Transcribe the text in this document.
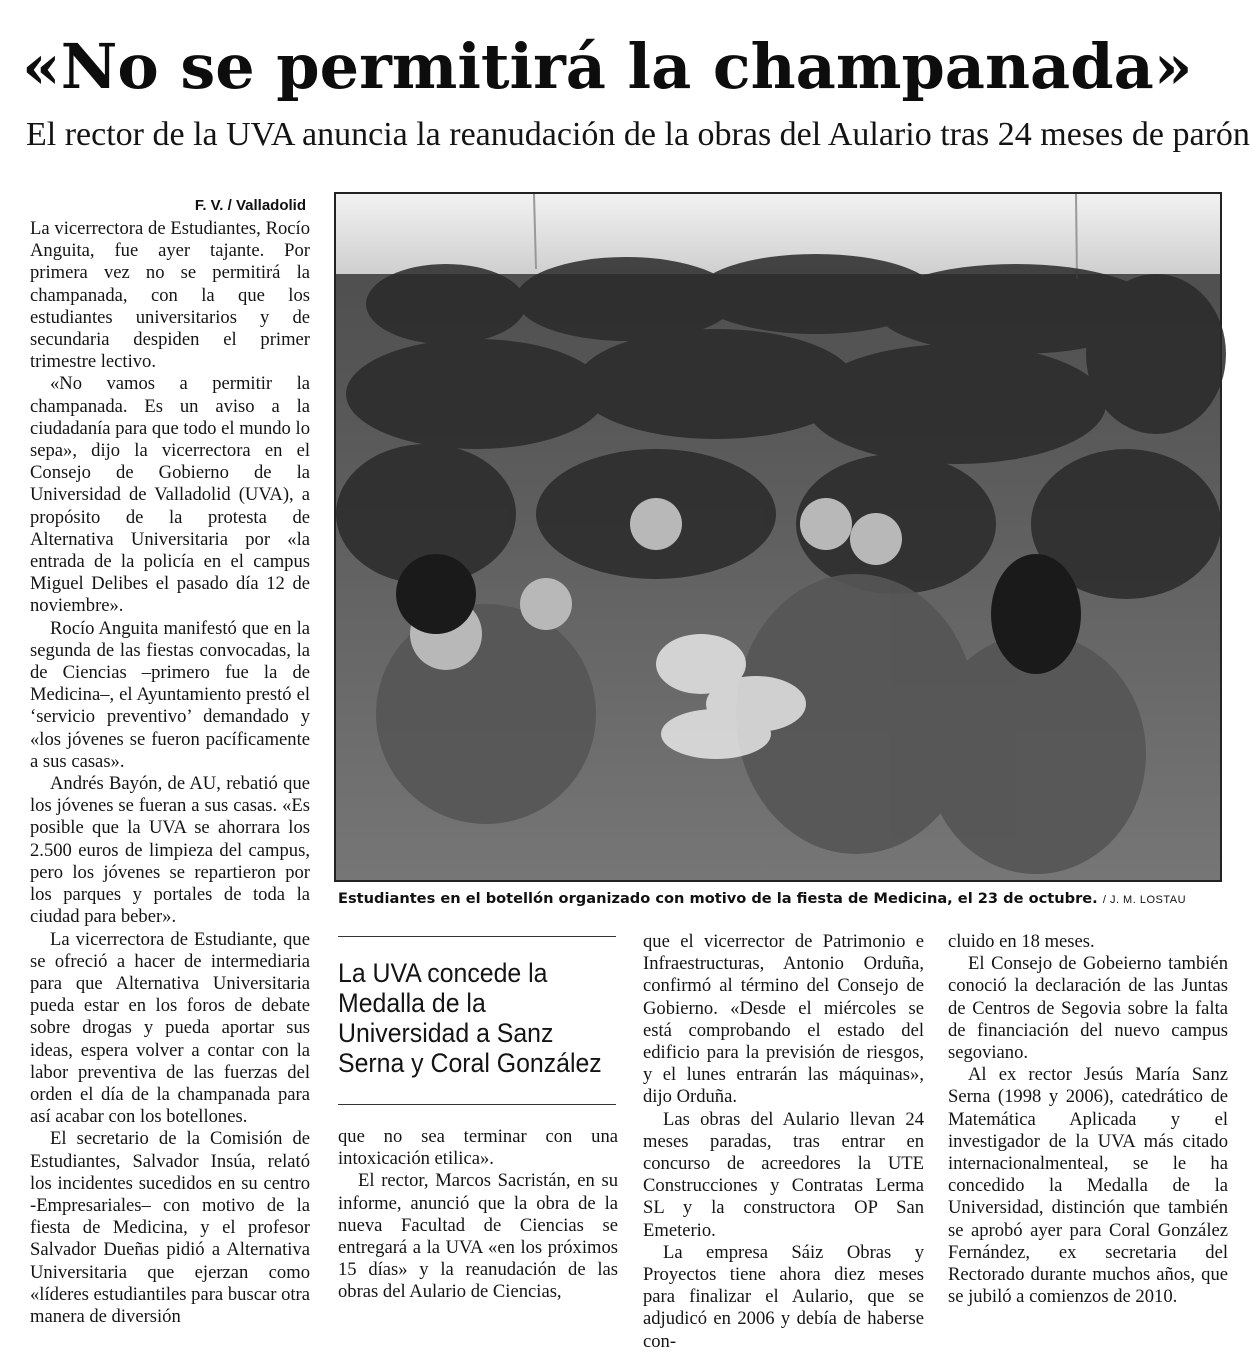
«No se permitirá la champanada»
El rector de la UVA anuncia la reanudación de la obras del Aulario tras 24 meses de parón
F. V. / Valladolid

La vicerrectora de Estudiantes, Rocío Anguita, fue ayer tajante. Por primera vez no se permitirá la champanada, con la que los estudiantes universitarios y de secundaria despiden el primer trimestre lectivo.

«No vamos a permitir la champanada. Es un aviso a la ciudadanía para que todo el mundo lo sepa», dijo la vicerrectora en el Consejo de Gobierno de la Universidad de Valladolid (UVA), a propósito de la protesta de Alternativa Universitaria por «la entrada de la policía en el campus Miguel Delibes el pasado día 12 de noviembre».

Rocío Anguita manifestó que en la segunda de las fiestas convocadas, la de Ciencias –primero fue la de Medicina–, el Ayuntamiento prestó el ‘servicio preventivo’ demandado y «los jóvenes se fueron pacíficamente a sus casas».

Andrés Bayón, de AU, rebatió que los jóvenes se fueran a sus casas. «Es posible que la UVA se ahorrara los 2.500 euros de limpieza del campus, pero los jóvenes se repartieron por los parques y portales de toda la ciudad para beber».

La vicerrectora de Estudiante, que se ofreció a hacer de intermediaria para que Alternativa Universitaria pueda estar en los foros de debate sobre drogas y pueda aportar sus ideas, espera volver a contar con la labor preventiva de las fuerzas del orden el día de la champanada para así acabar con los botellones.

El secretario de la Comisión de Estudiantes, Salvador Insúa, relató los incidentes sucedidos en su centro -Empresariales– con motivo de la fiesta de Medicina, y el profesor Salvador Dueñas pidió a Alternativa Universitaria que ejerzan como «líderes estudiantiles para buscar otra manera de diversión

Estudiantes en el botellón organizado con motivo de la fiesta de Medicina, el 23 de octubre. / J. M. LOSTAU
La UVA concede la Medalla de la Universidad a Sanz Serna y Coral González

que no sea terminar con una intoxicación etilica».

El rector, Marcos Sacristán, en su informe, anunció que la obra de la nueva Facultad de Ciencias se entregará a la UVA «en los próximos 15 días» y la reanudación de las obras del Aulario de Ciencias,

que el vicerrector de Patrimonio e Infraestructuras, Antonio Orduña, confirmó al término del Consejo de Gobierno. «Desde el miércoles se está comprobando el estado del edificio para la previsión de riesgos, y el lunes entrarán las máquinas», dijo Orduña.

Las obras del Aulario llevan 24 meses paradas, tras entrar en concurso de acreedores la UTE Construcciones y Contratas Lerma SL y la constructora OP San Emeterio.

La empresa Sáiz Obras y Proyectos tiene ahora diez meses para finalizar el Aulario, que se adjudicó en 2006 y debía de haberse con-

cluido en 18 meses.

El Consejo de Gobeierno también conoció la declaración de las Juntas de Centros de Segovia sobre la falta de financiación del nuevo campus segoviano.

Al ex rector Jesús María Sanz Serna (1998 y 2006), catedrático de Matemática Aplicada y el investigador de la UVA más citado internacionalmenteal, se le ha concedido la Medalla de la Universidad, distinción que también se aprobó ayer para Coral González Fernández, ex secretaria del Rectorado durante muchos años, que se jubiló a comienzos de 2010.
